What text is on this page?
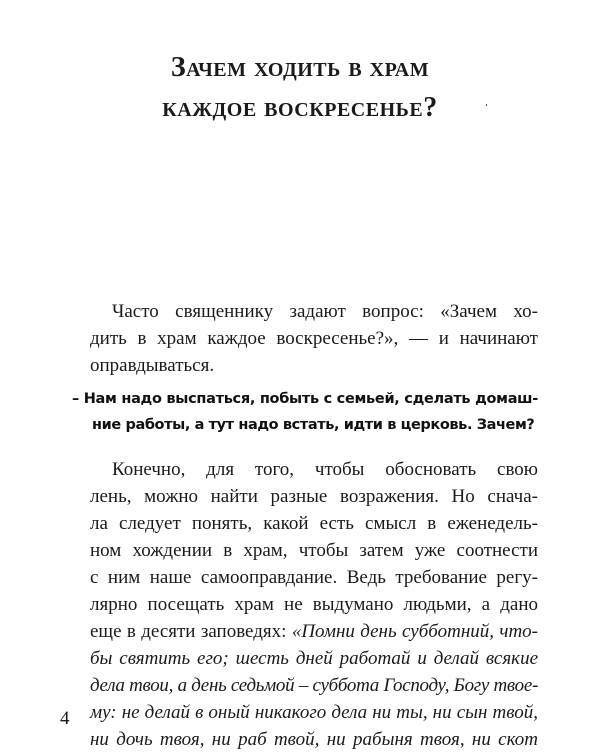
Зачем ходить в храм
каждое воскресенье?
Часто священнику задают вопрос: «Зачем хо-
дить в храм каждое воскресенье?», — и начинают
оправдываться.
– Нам надо выспаться, побыть с семьей, сделать домаш-
ние работы, а тут надо встать, идти в церковь. Зачем?
Конечно, для того, чтобы обосновать свою
лень, можно найти разные возражения. Но снача-
ла следует понять, какой есть смысл в еженедель-
ном хождении в храм, чтобы затем уже соотнести
с ним наше самооправдание. Ведь требование регу-
лярно посещать храм не выдумано людьми, а дано
еще в десяти заповедях: «Помни день субботний, что-
бы святить его; шесть дней работай и делай всякие
дела твои, а день седьмой – суббота Господу, Богу твое-
му: не делай в оный никакого дела ни ты, ни сын твой,
ни дочь твоя, ни раб твой, ни рабыня твоя, ни скот
4
